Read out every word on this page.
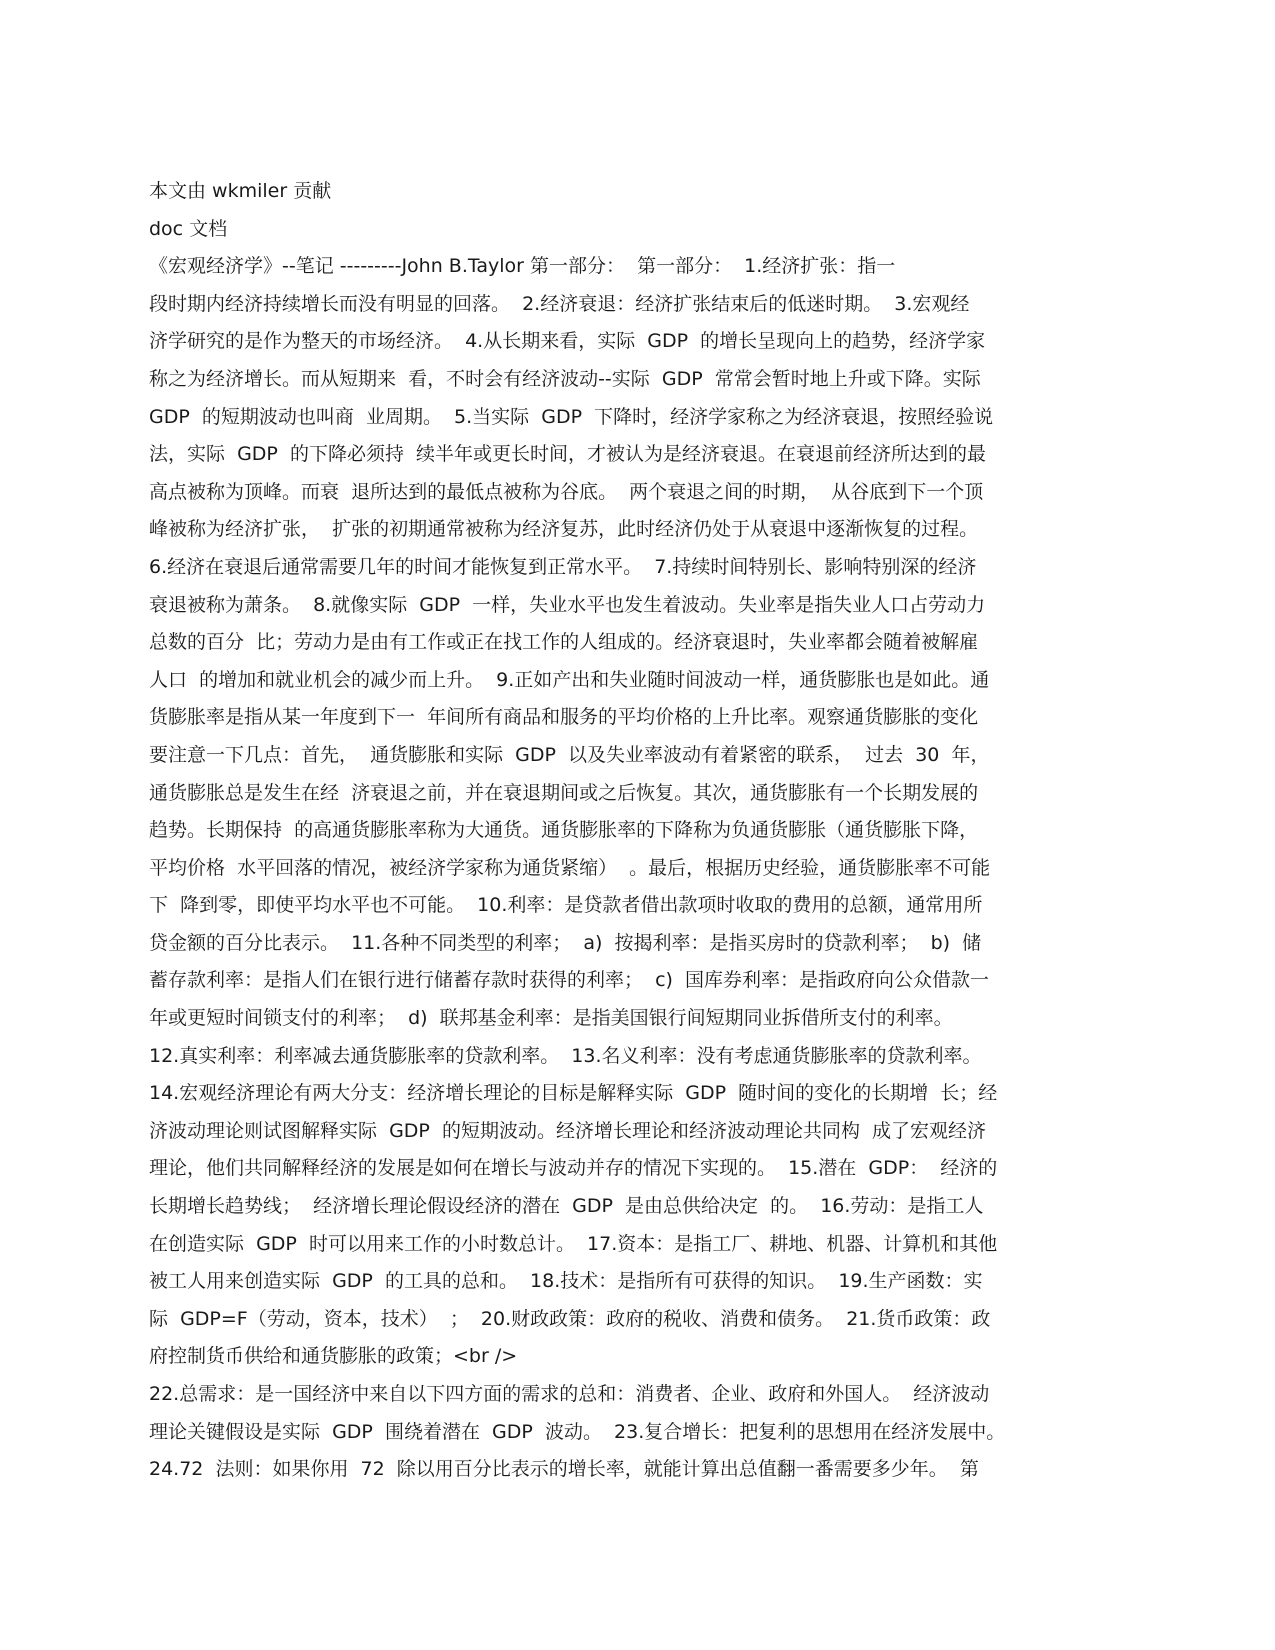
本文由 wkmiler 贡献
doc 文档
《宏观经济学》--笔记 ---------John B.Taylor 第一部分：  第一部分：  1.经济扩张：指一
段时期内经济持续增长而没有明显的回落。  2.经济衰退：经济扩张结束后的低迷时期。  3.宏观经
济学研究的是作为整天的市场经济。  4.从长期来看，实际  GDP  的增长呈现向上的趋势，经济学家
称之为经济增长。而从短期来  看，不时会有经济波动--实际  GDP  常常会暂时地上升或下降。实际
GDP  的短期波动也叫商  业周期。  5.当实际  GDP  下降时，经济学家称之为经济衰退，按照经验说
法，实际  GDP  的下降必须持  续半年或更长时间，才被认为是经济衰退。在衰退前经济所达到的最
高点被称为顶峰。而衰  退所达到的最低点被称为谷底。  两个衰退之间的时期，  从谷底到下一个顶
峰被称为经济扩张，  扩张的初期通常被称为经济复苏，此时经济仍处于从衰退中逐渐恢复的过程。
6.经济在衰退后通常需要几年的时间才能恢复到正常水平。  7.持续时间特别长、影响特别深的经济
衰退被称为萧条。  8.就像实际  GDP  一样，失业水平也发生着波动。失业率是指失业人口占劳动力
总数的百分  比；劳动力是由有工作或正在找工作的人组成的。经济衰退时，失业率都会随着被解雇
人口  的增加和就业机会的减少而上升。  9.正如产出和失业随时间波动一样，通货膨胀也是如此。通
货膨胀率是指从某一年度到下一  年间所有商品和服务的平均价格的上升比率。观察通货膨胀的变化
要注意一下几点：首先，  通货膨胀和实际  GDP  以及失业率波动有着紧密的联系，  过去  30  年，
通货膨胀总是发生在经  济衰退之前，并在衰退期间或之后恢复。其次，通货膨胀有一个长期发展的
趋势。长期保持  的高通货膨胀率称为大通货。通货膨胀率的下降称为负通货膨胀（通货膨胀下降，
平均价格  水平回落的情况，被经济学家称为通货紧缩）  。最后，根据历史经验，通货膨胀率不可能
下  降到零，即使平均水平也不可能。  10.利率：是贷款者借出款项时收取的费用的总额，通常用所
贷金额的百分比表示。  11.各种不同类型的利率；  a)  按揭利率：是指买房时的贷款利率；  b)  储
蓄存款利率：是指人们在银行进行储蓄存款时获得的利率；  c)  国库券利率：是指政府向公众借款一
年或更短时间锁支付的利率；  d)  联邦基金利率：是指美国银行间短期同业拆借所支付的利率。
12.真实利率：利率减去通货膨胀率的贷款利率。  13.名义利率：没有考虑通货膨胀率的贷款利率。
14.宏观经济理论有两大分支：经济增长理论的目标是解释实际  GDP  随时间的变化的长期增  长；经
济波动理论则试图解释实际  GDP  的短期波动。经济增长理论和经济波动理论共同构  成了宏观经济
理论，他们共同解释经济的发展是如何在增长与波动并存的情况下实现的。  15.潜在  GDP：  经济的
长期增长趋势线；  经济增长理论假设经济的潜在  GDP  是由总供给决定  的。  16.劳动：是指工人
在创造实际  GDP  时可以用来工作的小时数总计。  17.资本：是指工厂、耕地、机器、计算机和其他
被工人用来创造实际  GDP  的工具的总和。  18.技术：是指所有可获得的知识。  19.生产函数：实
际  GDP=F（劳动，资本，技术）  ；  20.财政政策：政府的税收、消费和债务。  21.货币政策：政
府控制货币供给和通货膨胀的政策；<br />
22.总需求：是一国经济中来自以下四方面的需求的总和：消费者、企业、政府和外国人。  经济波动
理论关键假设是实际  GDP  围绕着潜在  GDP  波动。  23.复合增长：把复利的思想用在经济发展中。
24.72  法则：如果你用  72  除以用百分比表示的增长率，就能计算出总值翻一番需要多少年。  第
